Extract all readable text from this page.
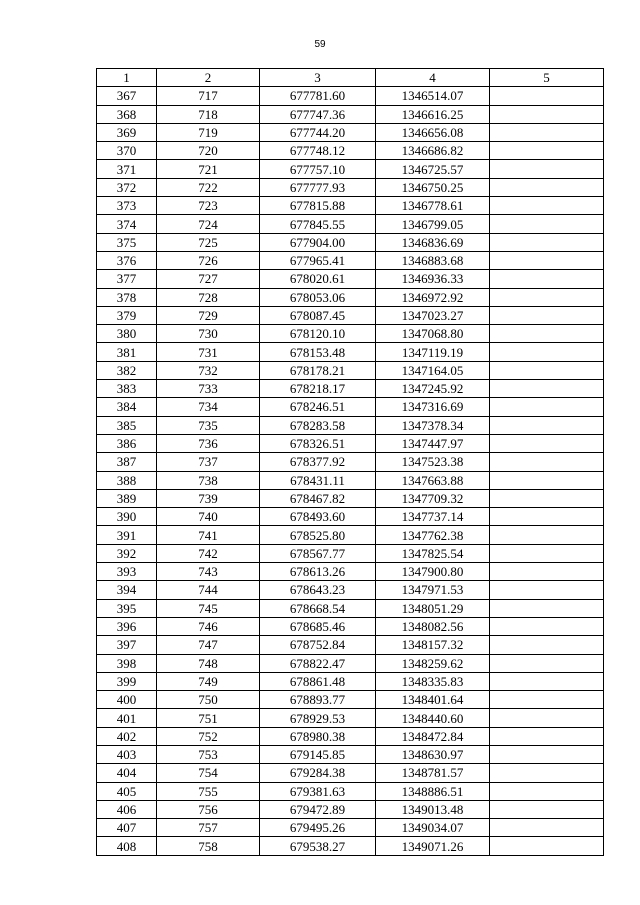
59
1	2	3	4	5
367	717	677781.60	1346514.07	
368	718	677747.36	1346616.25	
369	719	677744.20	1346656.08	
370	720	677748.12	1346686.82	
371	721	677757.10	1346725.57	
372	722	677777.93	1346750.25	
373	723	677815.88	1346778.61	
374	724	677845.55	1346799.05	
375	725	677904.00	1346836.69	
376	726	677965.41	1346883.68	
377	727	678020.61	1346936.33	
378	728	678053.06	1346972.92	
379	729	678087.45	1347023.27	
380	730	678120.10	1347068.80	
381	731	678153.48	1347119.19	
382	732	678178.21	1347164.05	
383	733	678218.17	1347245.92	
384	734	678246.51	1347316.69	
385	735	678283.58	1347378.34	
386	736	678326.51	1347447.97	
387	737	678377.92	1347523.38	
388	738	678431.11	1347663.88	
389	739	678467.82	1347709.32	
390	740	678493.60	1347737.14	
391	741	678525.80	1347762.38	
392	742	678567.77	1347825.54	
393	743	678613.26	1347900.80	
394	744	678643.23	1347971.53	
395	745	678668.54	1348051.29	
396	746	678685.46	1348082.56	
397	747	678752.84	1348157.32	
398	748	678822.47	1348259.62	
399	749	678861.48	1348335.83	
400	750	678893.77	1348401.64	
401	751	678929.53	1348440.60	
402	752	678980.38	1348472.84	
403	753	679145.85	1348630.97	
404	754	679284.38	1348781.57	
405	755	679381.63	1348886.51	
406	756	679472.89	1349013.48	
407	757	679495.26	1349034.07	
408	758	679538.27	1349071.26	
